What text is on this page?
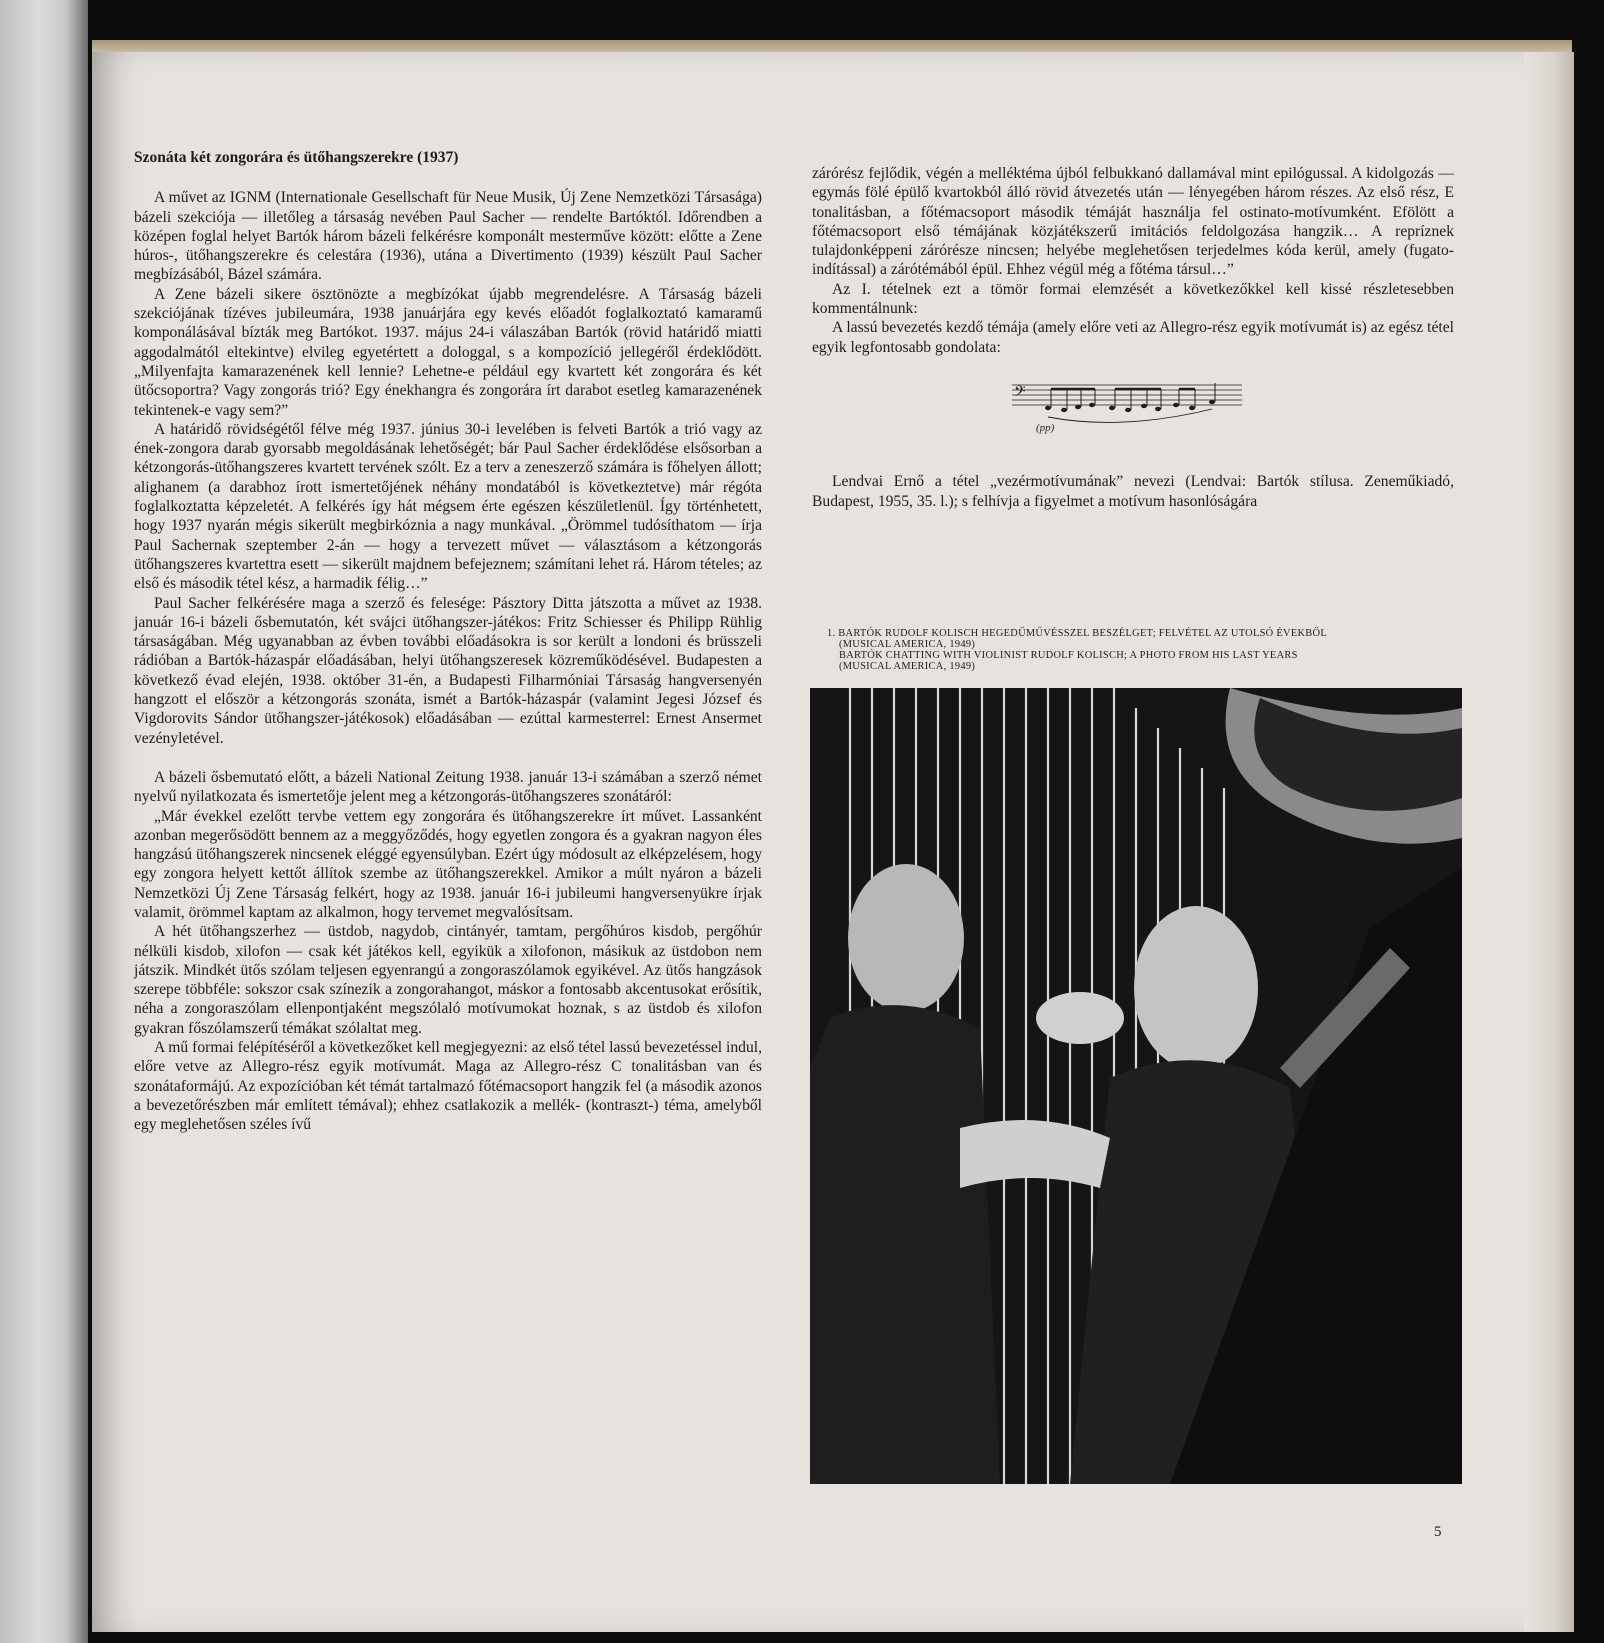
Szonáta két zongorára és ütőhangszerekre (1937)

A művet az IGNM (Internationale Gesellschaft für Neue Musik, Új Zene Nemzetközi Társasága) bázeli szekciója — illetőleg a társaság nevében Paul Sacher — rendelte Bartóktól. Időrendben a középen foglal helyet Bartók három bázeli felkérésre komponált mesterműve között: előtte a Zene húros-, ütőhangszerekre és celestára (1936), utána a Divertimento (1939) készült Paul Sacher megbízásából, Bázel számára.

A Zene bázeli sikere ösztönözte a megbízókat újabb megrendelésre. A Társaság bázeli szekciójának tízéves jubileumára, 1938 januárjára egy kevés előadót foglalkoztató kamaramű komponálásával bízták meg Bartókot. 1937. május 24-i válaszában Bartók (rövid határidő miatti aggodalmától eltekintve) elvileg egyetértett a dologgal, s a kompozíció jellegéről érdeklődött. „Milyenfajta kamarazenének kell lennie? Lehetne-e például egy kvartett két zongorára és két ütőcsoportra? Vagy zongorás trió? Egy énekhangra és zongorára írt darabot esetleg kamarazenének tekintenek-e vagy sem?”

A határidő rövidségétől félve még 1937. június 30-i levelében is felveti Bartók a trió vagy az ének-zongora darab gyorsabb megoldásának lehetőségét; bár Paul Sacher érdeklődése elsősorban a kétzongorás-ütőhangszeres kvartett tervének szólt. Ez a terv a zeneszerző számára is főhelyen állott; alighanem (a darabhoz írott ismertetőjének néhány mondatából is következtetve) már régóta foglalkoztatta képzeletét. A felkérés így hát mégsem érte egészen készületlenül. Így történhetett, hogy 1937 nyarán mégis sikerült megbirkóznia a nagy munkával. „Örömmel tudósíthatom — írja Paul Sachernak szeptember 2-án — hogy a tervezett művet — választásom a kétzongorás ütőhangszeres kvartettra esett — sikerült majdnem befejeznem; számítani lehet rá. Három tételes; az első és második tétel kész, a harmadik félig…”

Paul Sacher felkérésére maga a szerző és felesége: Pásztory Ditta játszotta a művet az 1938. január 16-i bázeli ősbemutatón, két svájci ütőhangszer-játékos: Fritz Schiesser és Philipp Rühlig társaságában. Még ugyanabban az évben további előadásokra is sor került a londoni és brüsszeli rádióban a Bartók-házaspár előadásában, helyi ütőhangszeresek közreműködésével. Budapesten a következő évad elején, 1938. október 31-én, a Budapesti Filharmóniai Társaság hangversenyén hangzott el először a kétzongorás szonáta, ismét a Bartók-házaspár (valamint Jegesi József és Vigdorovits Sándor ütőhangszer-játékosok) előadásában — ezúttal karmesterrel: Ernest Ansermet vezényletével.

A bázeli ősbemutató előtt, a bázeli National Zeitung 1938. január 13-i számában a szerző német nyelvű nyilatkozata és ismertetője jelent meg a kétzongorás-ütőhangszeres szonátáról:

„Már évekkel ezelőtt tervbe vettem egy zongorára és ütőhangszerekre írt művet. Lassanként azonban megerősödött bennem az a meggyőződés, hogy egyetlen zongora és a gyakran nagyon éles hangzású ütőhangszerek nincsenek eléggé egyensúlyban. Ezért úgy módosult az elképzelésem, hogy egy zongora helyett kettőt állítok szembe az ütőhangszerekkel. Amikor a múlt nyáron a bázeli Nemzetközi Új Zene Társaság felkért, hogy az 1938. január 16-i jubileumi hangversenyükre írjak valamit, örömmel kaptam az alkalmon, hogy tervemet megvalósítsam.

A hét ütőhangszerhez — üstdob, nagydob, cintányér, tamtam, pergőhúros kisdob, pergőhúr nélküli kisdob, xilofon — csak két játékos kell, egyikük a xilofonon, másikuk az üstdobon nem játszik. Mindkét ütős szólam teljesen egyenrangú a zongoraszólamok egyikével. Az ütős hangzások szerepe többféle: sokszor csak színezik a zongorahangot, máskor a fontosabb akcentusokat erősítik, néha a zongoraszólam ellenpontjaként megszólaló motívumokat hoznak, s az üstdob és xilofon gyakran főszólamszerű témákat szólaltat meg.

A mű formai felépítéséről a következőket kell megjegyezni: az első tétel lassú bevezetéssel indul, előre vetve az Allegro-rész egyik motívumát. Maga az Allegro-rész C tonalitásban van és szonátaformájú. Az expozícióban két témát tartalmazó főtémacsoport hangzik fel (a második azonos a bevezetőrészben már említett témával); ehhez csatlakozik a mellék- (kontraszt-) téma, amelyből egy meglehetősen széles ívű

zárórész fejlődik, végén a melléktéma újból felbukkanó dallamával mint epilógussal. A kidolgozás — egymás fölé épülő kvartokból álló rövid átvezetés után — lényegében három részes. Az első rész, E tonalitásban, a főtémacsoport második témáját használja fel ostinato-motívumként. Efölött a főtémacsoport első témájának közjátékszerű imitációs feldolgozása hangzik… A repríznek tulajdonképpeni zárórésze nincsen; helyébe meglehetősen terjedelmes kóda kerül, amely (fugato-indítással) a zárótémából épül. Ehhez végül még a főtéma társul…”

Az I. tételnek ezt a tömör formai elemzését a következőkkel kell kissé részletesebben kommentálnunk:

A lassú bevezetés kezdő témája (amely előre veti az Allegro-rész egyik motívumát is) az egész tétel egyik legfontosabb gondolata:

𝄢
(pp)

Lendvai Ernő a tétel „vezérmotívumának” nevezi (Lendvai: Bartók stílusa. Zeneműkiadó, Budapest, 1955, 35. l.); s felhívja a figyelmet a motívum hasonlóságára

1. BARTÓK RUDOLF KOLISCH HEGEDŰMŰVÉSSZEL BESZÉLGET; FELVÉTEL AZ UTOLSÓ ÉVEKBŐL
(MUSICAL AMERICA, 1949)
BARTÓK CHATTING WITH VIOLINIST RUDOLF KOLISCH; A PHOTO FROM HIS LAST YEARS
(MUSICAL AMERICA, 1949)
5
